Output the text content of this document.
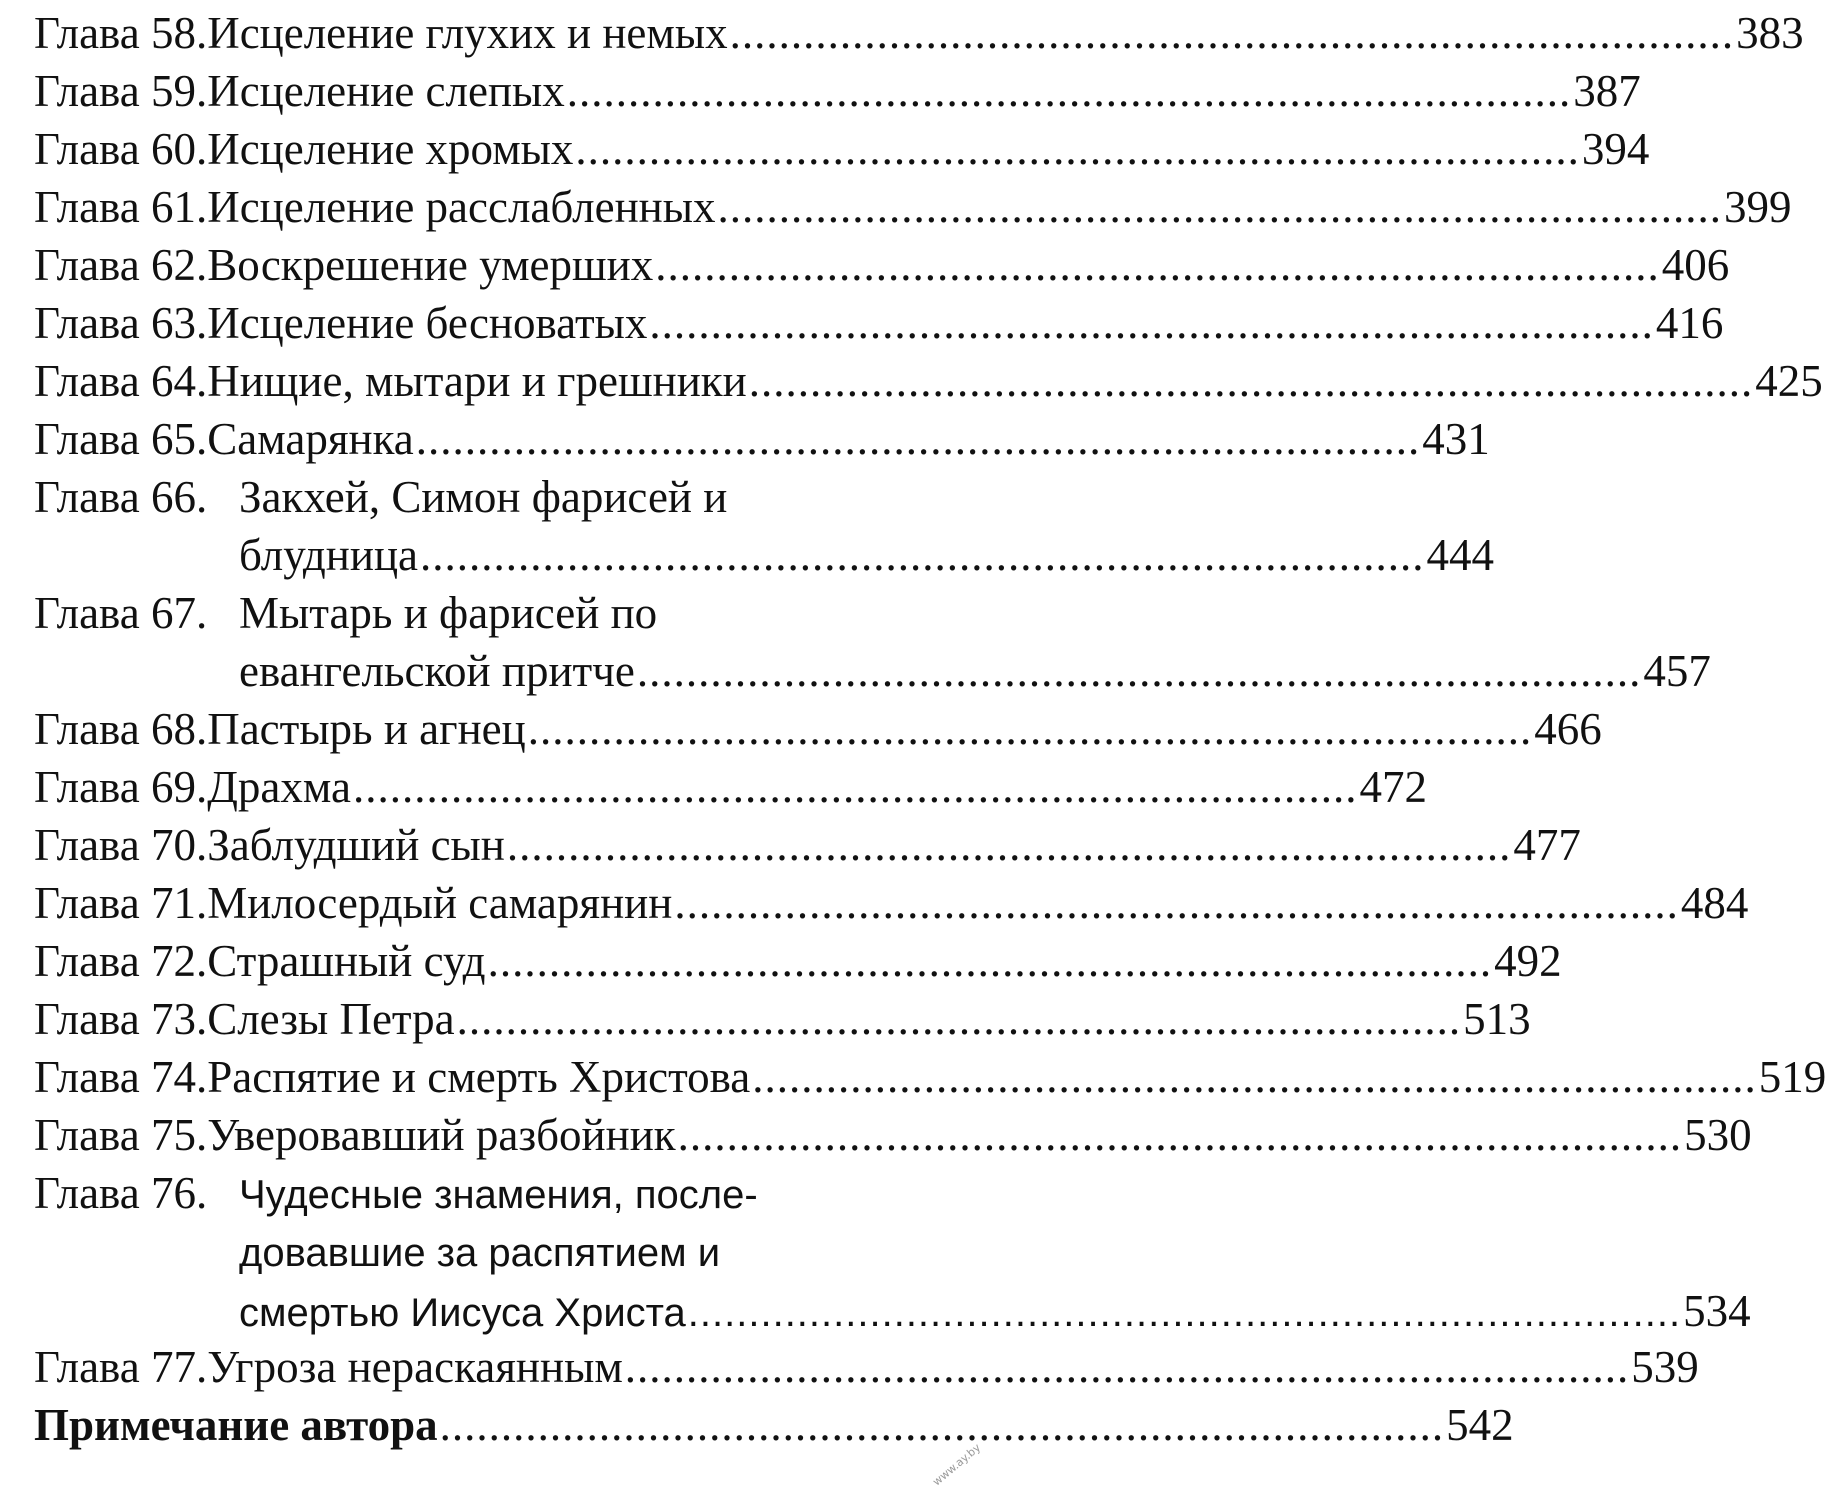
Глава 58. Исцеление глухих и немых .................................................................................. 383
Глава 59. Исцеление слепых .................................................................................. 387
Глава 60. Исцеление хромых .................................................................................. 394
Глава 61. Исцеление расслабленных .................................................................................. 399
Глава 62. Воскрешение умерших .................................................................................. 406
Глава 63. Исцеление бесноватых .................................................................................. 416
Глава 64. Нищие, мытари и грешники .................................................................................. 425
Глава 65. Самарянка .................................................................................. 431
Глава 66. Закхей, Симон фарисей и
блудница .................................................................................. 444
Глава 67. Мытарь и фарисей по
евангельской притче .................................................................................. 457
Глава 68. Пастырь и агнец .................................................................................. 466
Глава 69. Драхма .................................................................................. 472
Глава 70. Заблудший сын .................................................................................. 477
Глава 71. Милосердый самарянин .................................................................................. 484
Глава 72. Страшный суд .................................................................................. 492
Глава 73. Слезы Петра .................................................................................. 513
Глава 74. Распятие и смерть Христова .................................................................................. 519
Глава 75. Уверовавший разбойник .................................................................................. 530
Глава 76. Чудесные знамения, после-
довавшие за распятием и
смертью Иисуса Христа .................................................................................. 534
Глава 77. Угроза нераскаянным .................................................................................. 539
Примечание автора .................................................................................. 542
www.ay.by
